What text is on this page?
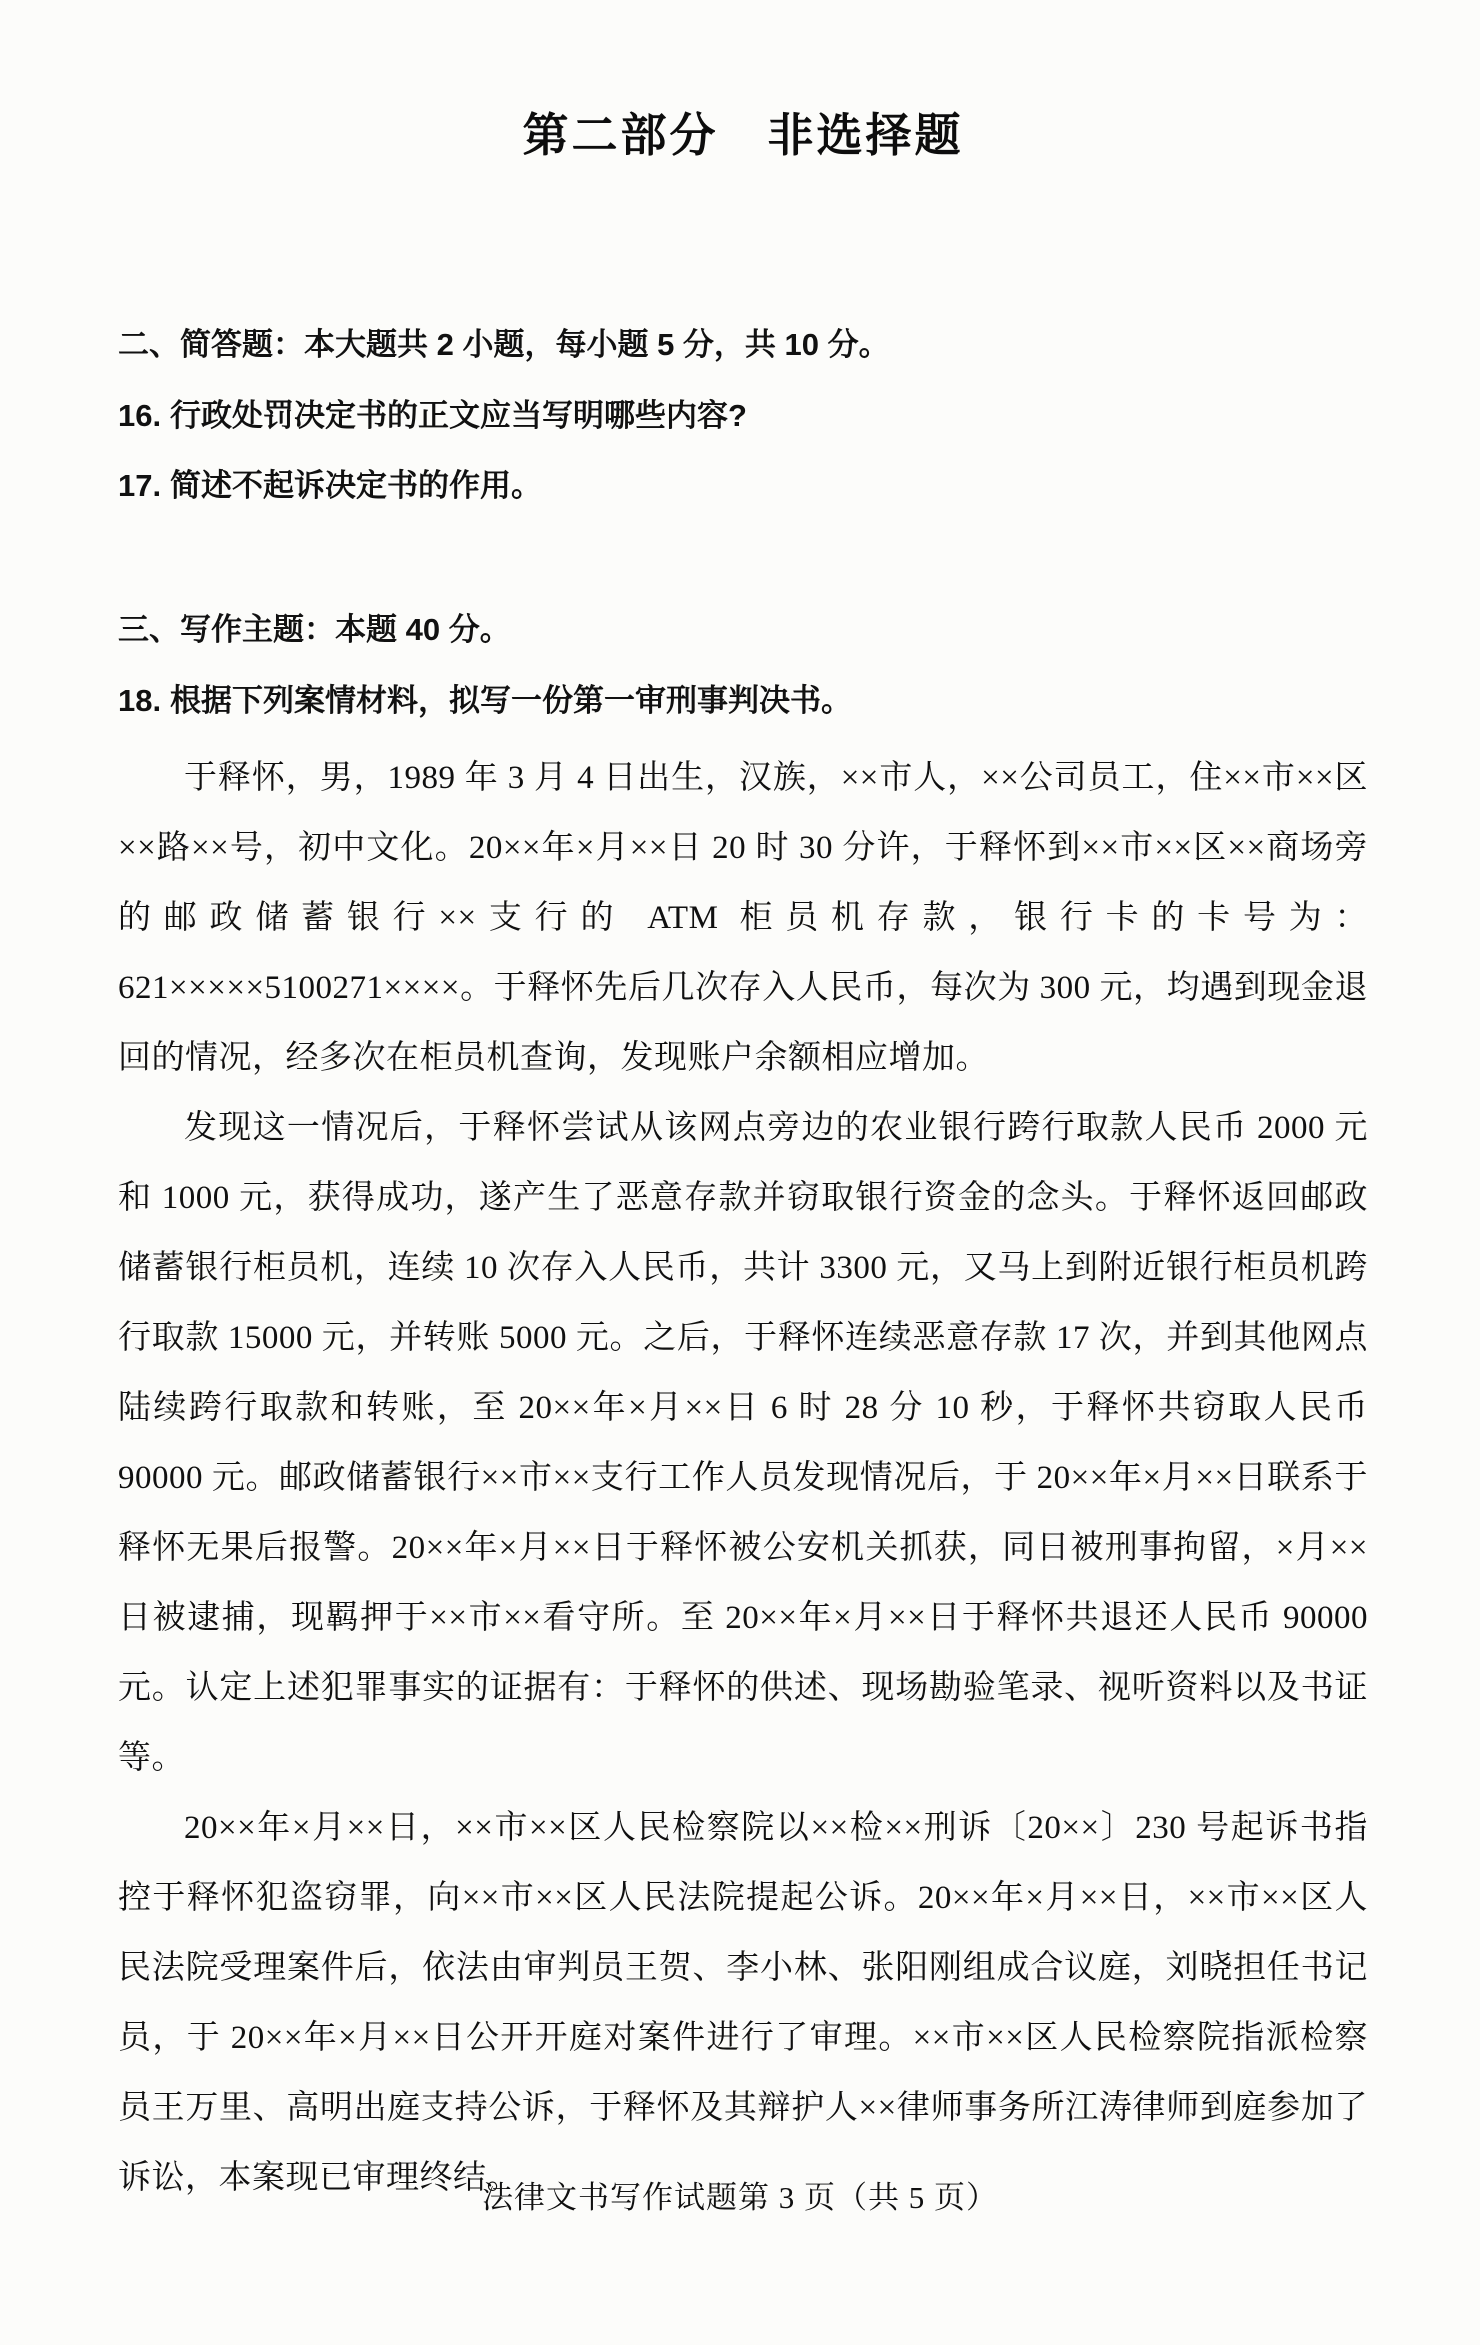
第二部分　非选择题
二、简答题：本大题共 2 小题，每小题 5 分，共 10 分。
16. 行政处罚决定书的正文应当写明哪些内容?
17. 简述不起诉决定书的作用。
三、写作主题：本题 40 分。
18. 根据下列案情材料，拟写一份第一审刑事判决书。

于释怀，男，1989 年 3 月 4 日出生，汉族，××市人，××公司员工，住××市××区××路××号，初中文化。20××年×月××日 20 时 30 分许，于释怀到××市××区××商场旁的邮政储蓄银行××支行的 ATM 柜员机存款，银行卡的卡号为：621×××××5100271××××。于释怀先后几次存入人民币，每次为 300 元，均遇到现金退回的情况，经多次在柜员机查询，发现账户余额相应增加。

发现这一情况后，于释怀尝试从该网点旁边的农业银行跨行取款人民币 2000 元和 1000 元，获得成功，遂产生了恶意存款并窃取银行资金的念头。于释怀返回邮政储蓄银行柜员机，连续 10 次存入人民币，共计 3300 元，又马上到附近银行柜员机跨行取款 15000 元，并转账 5000 元。之后，于释怀连续恶意存款 17 次，并到其他网点陆续跨行取款和转账，至 20××年×月××日 6 时 28 分 10 秒，于释怀共窃取人民币 90000 元。邮政储蓄银行××市××支行工作人员发现情况后，于 20××年×月××日联系于释怀无果后报警。20××年×月××日于释怀被公安机关抓获，同日被刑事拘留，×月××日被逮捕，现羁押于××市××看守所。至 20××年×月××日于释怀共退还人民币 90000 元。认定上述犯罪事实的证据有：于释怀的供述、现场勘验笔录、视听资料以及书证等。

20××年×月××日，××市××区人民检察院以××检××刑诉〔20××〕230 号起诉书指控于释怀犯盗窃罪，向××市××区人民法院提起公诉。20××年×月××日，××市××区人民法院受理案件后，依法由审判员王贺、李小林、张阳刚组成合议庭，刘晓担任书记员，于 20××年×月××日公开开庭对案件进行了审理。××市××区人民检察院指派检察员王万里、高明出庭支持公诉，于释怀及其辩护人××律师事务所江涛律师到庭参加了诉讼，本案现已审理终结。

法律文书写作试题第 3 页（共 5 页）
